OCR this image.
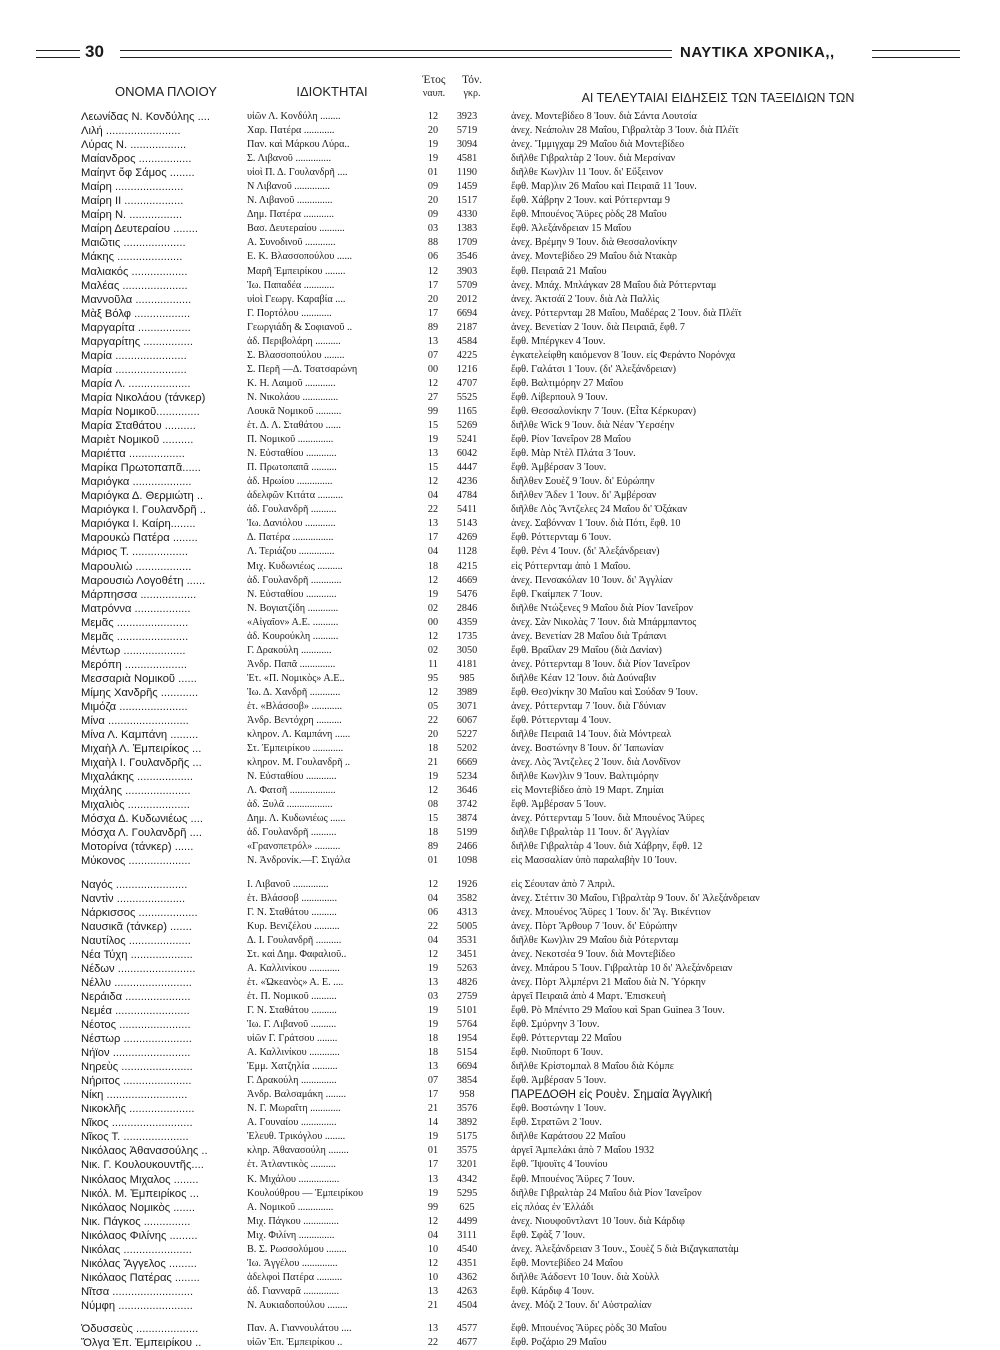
30	ΝΑΥΤΙΚΑ ΧΡΟΝΙΚΑ,,
ΟΝΟΜΑ ΠΛΟΙΟΥ	ΙΔΙΟΚΤΗΤΑΙ
Έτος
ναυπ.
Τόν.
γκρ.	ΑΙ ΤΕΛΕΥΤΑΙΑΙ ΕΙΔΗΣΕΙΣ ΤΩΝ ΤΑΞΕΙΔΙΩΝ ΤΩΝ
Λεωνίδας Ν. Κονδύλης ....	υἱῶν Λ. Κονδύλη ........	12	3923	ἀνεχ. Μοντεβίδεο 8 Ἰουν. διὰ Σάντα Λουτσία
Λιλή ........................	Χαρ. Πατέρα ............	20	5719	ἀνεχ. Νεάπολιν 28 Μαΐου, Γιβραλτὰρ 3 Ἰουν. διὰ Πλέϊτ
Λύρας Ν. ..................	Παν. καὶ Μάρκου Λύρα..	19	3094	ἀνεχ. Ἴμμιγχαμ 29 Μαΐου διὰ Μοντεβίδεο
Μαίανδρος .................	Σ. Λιβανοῦ ..............	19	4581	διῆλθε Γιβραλτὰρ 2 Ἰουν. διὰ Μερσίναν
Μαίηντ ὄφ Σάμος ........	υἱοὶ Π. Δ. Γουλανδρῆ ....	01	1190	διῆλθε Κων)λιν 11 Ἰουν. δι' Εὔξεινον
Μαίρη ......................	Ν Λιβανοῦ ..............	09	1459	ἔφθ. Μαρ)λιν 26 Μαΐου καὶ Πειραιᾶ 11 Ἰουν.
Μαίρη ΙΙ ...................	Ν. Λιβανοῦ ..............	20	1517	ἔφθ. Χάβρην 2 Ἰουν. καὶ Ρόττερνταμ 9
Μαίρη Ν. .................	Δημ. Πατέρα ............	09	4330	ἔφθ. Μπουένος Ἄϋρες ρὸδς 28 Μαΐου
Μαίρη Δευτεραίου ........	Βασ. Δευτεραίου ..........	03	1383	ἔφθ. Ἀλεξάνδρειαν 15 Μαΐου
Μαιῶτις ....................	Α. Συνοδινοῦ ............	88	1709	ἀνεχ. Βρέμην 9 Ἰουν. διὰ Θεσσαλονίκην
Μάκης .....................	Ε. Κ. Βλασσοπούλου ......	06	3546	ἀνεχ. Μοντεβίδεο 29 Μαΐου διὰ Ντακὰρ
Μαλιακός ..................	Μαρῆ Ἐμπειρίκου ........	12	3903	ἔφθ. Πειραιᾶ 21 Μαΐου
Μαλέας .....................	Ἰω. Παπαδέα ............	17	5709	ἀνεχ. Μπάχ. Μπλάγκαν 28 Μαΐου διὰ Ρόττερνταμ
Μαννοῦλα ..................	υἱοὶ Γεωργ. Καραβία ....	20	2012	ἀνεχ. Ἀκτσάϊ 2 Ἰουν. διὰ Λὰ Παλλὶς
Μὰξ Βόλφ ..................	Γ. Πορτόλου ............	17	6694	ἀνεχ. Ρόττερνταμ 28 Μαΐου, Μαδέρας 2 Ἰουν. διὰ Πλέϊτ
Μαργαρίτα .................	Γεωργιάδη & Σοφιανοῦ ..	89	2187	ἀνεχ. Βενετίαν 2 Ἰουν. διὰ Πειραιᾶ, ἔφθ. 7
Μαργαρίτης ................	ἀδ. Περιβολάρη ..........	13	4584	ἔφθ. Μπέργκεν 4 Ἰουν.
Μαρία .......................	Σ. Βλασσοπούλου ........	07	4225	ἐγκατελείφθη καιόμενον 8 Ἰουν. εἰς Φεράντο Νορόνχα
Μαρία .......................	Σ. Περῆ —Δ. Τσατσαρώνη	00	1216	ἔφθ. Γαλάτσι 1 Ἰουν. (δι' Ἀλεξάνδρειαν)
Μαρία Λ. ....................	Κ. Η. Λαιμοῦ ............	12	4707	ἔφθ. Βαλτιμόρην 27 Μαΐου
Μαρία Νικολάου (τάνκερ)	Ν. Νικολάου ..............	27	5525	ἔφθ. Λίβερπουλ 9 Ἰουν.
Μαρία Νομικοῦ..............	Λουκᾶ Νομικοῦ ..........	99	1165	ἔφθ. Θεσσαλονίκην 7 Ἰουν. (Εἶτα Κέρκυραν)
Μαρία Σταθάτου ..........	ἑτ. Δ. Λ. Σταθάτου ......	15	5269	διῆλθε Wick 9 Ἰουν. διὰ Νέαν Ὑερσέην
Μαριὲτ Νομικοῦ ..........	Π. Νομικοῦ ..............	19	5241	ἔφθ. Ρίον Ἰανεΐρον 28 Μαΐου
Μαριέττα ..................	Ν. Εὐσταθίου ............	13	6042	ἔφθ. Μὰρ Ντὲλ Πλάτα 3 Ἰουν.
Μαρίκα Πρωτοπαπᾶ......	Π. Πρωτοπαπᾶ ..........	15	4447	ἔφθ. Ἀμβέρσαν 3 Ἰουν.
Μαριόγκα ...................	ἀδ. Ηρωίου ..............	12	4236	διῆλθεν Σουὲζ 9 Ἰουν. δι' Εὐρώπην
Μαριόγκα Δ. Θερμιώτη ..	ἀδελφῶν Κιτάτα ..........	04	4784	διῆλθεν Ἄδεν 1 Ἰουν. δι' Ἀμβέρσαν
Μαριόγκα Ι. Γουλανδρῆ ..	ἀδ. Γουλανδρῆ ..........	22	5411	διῆλθε Λὸς Ἄντζελες 24 Μαΐου δι' Ὀξάκαν
Μαριόγκα Ι. Καίρη........	Ἰω. Δανιόλου ............	13	5143	ἀνεχ. Σαβόνναν 1 Ἰουν. διὰ Πότι, ἔφθ. 10
Μαρουκὼ Πατέρα ........	Δ. Πατέρα ................	17	4269	ἔφθ. Ρόττερνταμ 6 Ἰουν.
Μάριος Τ. ..................	Λ. Τεριάζου ..............	04	1128	ἔφθ. Ρένι 4 Ἰουν. (δι' Ἀλεξάνδρειαν)
Μαρουλιὼ ..................	Μιχ. Κυδωνιέως ..........	18	4215	εἰς Ρόττερνταμ ἀπὸ 1 Μαΐου.
Μαρουσιὼ Λογοθέτη ......	ἀδ. Γουλανδρῆ ............	12	4669	ἀνεχ. Πενσακόλαν 10 Ἰουν. δι' Ἀγγλίαν
Μάρπησσα ..................	Ν. Εὐσταθίου ............	19	5476	ἔφθ. Γκαίμπεκ 7 Ἰουν.
Ματρόννα ..................	Ν. Βογιατζίδη ............	02	2846	διῆλθε Ντώξενες 9 Μαΐου διὰ Ρίον Ἰανεΐρον
Μεμᾶς .......................	«Αἰγαῖον» Α.Ε. ..........	00	4359	ἀνεχ. Σὰν Νικολὰς 7 Ἰουν. διὰ Μπάρμπαντος
Μεμᾶς .......................	ἀδ. Κουρούκλη ..........	12	1735	ἀνεχ. Βενετίαν 28 Μαΐου διὰ Τράπανι
Μέντωρ ....................	Γ. Δρακούλη ............	02	3050	ἔφθ. Βραΐλαν 29 Μαΐου (διὰ Δανίαν)
Μερόπη ....................	Ἀνδρ. Παπᾶ ..............	11	4181	ἀνεχ. Ρόττερνταμ 8 Ἰουν. διὰ Ρίον Ἰανεΐρον
Μεσσαριὰ Νομικοῦ ......	Ἑτ. «Π. Νομικὸς» Α.Ε..	95	985	διῆλθε Κέαν 12 Ἰουν. διὰ Δούναβιν
Μίμης Χανδρῆς ............	Ἰω. Δ. Χανδρῆ ............	12	3989	ἔφθ. Θεσ)νίκην 30 Μαΐου καὶ Σούδαν 9 Ἰουν.
Μιμόζα ......................	ἑτ. «Βλάσσοβ» ............	05	3071	ἀνεχ. Ρόττερνταμ 7 Ἰουν. διὰ Γδύνιαν
Μίνα ..........................	Ἀνδρ. Βεντόχρη ..........	22	6067	ἔφθ. Ρόττερνταμ 4 Ἰουν.
Μίνα Λ. Καμπάνη .........	κληρον. Λ. Καμπάνη ......	20	5227	διῆλθε Πειραιᾶ 14 Ἰουν. διὰ Μόντρεαλ
Μιχαὴλ Λ. Ἐμπειρίκος ...	Στ. Ἐμπειρίκου ............	18	5202	ἀνεχ. Βοστώνην 8 Ἰουν. δι' Ἰαπωνίαν
Μιχαὴλ Ι. Γουλανδρῆς ...	κληρον. Μ. Γουλανδρῆ ..	21	6669	ἀνεχ. Λὸς Ἄντζελες 2 Ἰουν. διὰ Λονδῖνον
Μιχαλάκης ..................	Ν. Εὐσταθίου ............	19	5234	διῆλθε Κων)λιν 9 Ἰουν. Βαλτιμόρην
Μιχάλης .....................	Λ. Φατσῆ ..................	12	3646	εἰς Μοντεβίδεο ἀπὸ 19 Μαρτ. Ζημίαι
Μιχαλιὸς ....................	ἀδ. Ξυλᾶ ..................	08	3742	ἔφθ. Ἀμβέρσαν 5 Ἰουν.
Μόσχα Δ. Κυδωνιέως ....	Δημ. Λ. Κυδωνιέως ......	15	3874	ἀνεχ. Ρόττερνταμ 5 Ἰουν. διὰ Μπουένος Ἄϋρες
Μόσχα Λ. Γουλανδρῆ ....	ἀδ. Γουλανδρῆ ..........	18	5199	διῆλθε Γιβραλτὰρ 11 Ἰουν. δι' Ἀγγλίαν
Μοτορίνα (τάνκερ) ......	«Γρανσπετρόλ» ..........	89	2466	διῆλθε Γιβραλτὰρ 4 Ἰουν. διὰ Χάβρην, ἔφθ. 12
Μύκονος ....................	Ν. Ἀνδρονίκ.—Γ. Σιγάλα	01	1098	εἰς Μασσαλίαν ὑπὸ παραλαβὴν 10 Ἰουν.
Ναγός .......................	Ι. Λιβανοῦ ..............	12	1926	εἰς Σέουταν ἀπὸ 7 Ἀπριλ.
Ναντὶν ......................	ἑτ. Βλάσσοβ ..............	04	3582	ἀνεχ. Στέττιν 30 Μαΐου, Γιβραλτὰρ 9 Ἰουν. δι' Ἀλεξάνδρειαν
Νάρκισσος ...................	Γ. Ν. Σταθάτου ..........	06	4313	ἀνεχ. Μπουένος Ἄϋρες 1 Ἰουν. δι' Ἅγ. Βικέντιον
Ναυσικᾶ (τάνκερ) .......	Κυρ. Βενιζέλου ..........	22	5005	ἀνεχ. Πὸρτ Ἄρθουρ 7 Ἰουν. δι' Εὐρώπην
Ναυτίλος ....................	Δ. Ι. Γουλανδρῆ ..........	04	3531	διῆλθε Κων)λιν 29 Μαΐου διὰ Ρότερνταμ
Νέα Τύχη ....................	Στ. καὶ Δημ. Φαφαλιοῦ..	12	3451	ἀνεχ. Νεκοτσέα 9 Ἰουν. διὰ Μοντεβίδεο
Νέδων .........................	Α. Καλλινίκου ............	19	5263	ἀνεχ. Μπάρου 5 Ἰουν. Γιβραλτὰρ 10 δι' Ἀλεξάνδρειαν
Νέλλυ .........................	ἑτ. «Ὠκεανὸς» Α. Ε. ....	13	4826	ἀνεχ. Πὸρτ Ἀλμπέρνι 21 Μαΐου διὰ Ν. Ὑόρκην
Νεράιδα .....................	ἑτ. Π. Νομικοῦ ..........	03	2759	ἀργεῖ Πειραιᾶ ἀπὸ 4 Μαρτ. Ἐπισκευὴ
Νεμέα ........................	Γ. Ν. Σταθάτου ..........	19	5101	ἔφθ. Ρὸ Μπένιτο 29 Μαΐου καὶ Span Guinea 3 Ἰουν.
Νέοτος .......................	Ἰω. Γ. Λιβανοῦ ..........	19	5764	ἔφθ. Σμύρνην 3 Ἰουν.
Νέστωρ ......................	υἱῶν Γ. Γράτσου ........	18	1954	ἔφθ. Ρόττερνταμ 22 Μαΐου
Νήϊον .........................	Α. Καλλινίκου ............	18	5154	ἔφθ. Νιοῦπορτ 6 Ἰουν.
Νηρεὺς .......................	Ἐμμ. Χατζηλία ..........	13	6694	διῆλθε Κρίστομπαλ 8 Μαΐου διὰ Κόμπε
Νήριτος ......................	Γ. Δρακούλη ..............	07	3854	ἔφθ. Ἀμβέρσαν 5 Ἰουν.
Νίκη ..........................	Ἀνδρ. Βαλσαμάκη ........	17	958	ΠΑΡΕΔΟΘΗ εἰς Ρουὲν. Σημαία Ἀγγλική
Νικοκλῆς .....................	Ν. Γ. Μωραΐτη ............	21	3576	ἔφθ. Βοστώνην 1 Ἰουν.
Νῖκος ..........................	Α. Γουναίου ..............	14	3892	ἔφθ. Στρατῶνι 2 Ἰουν.
Νῖκος Τ. .....................	Ἐλευθ. Τρικόγλου ........	19	5175	διῆλθε Καράτσου 22 Μαΐου
Νικόλαος Ἀθανασούλης ..	κληρ. Ἀθανασούλη ........	01	3575	ἀργεῖ Ἀμπελάκι ἀπὸ 7 Μαΐου 1932
Νικ. Γ. Κουλουκουντῆς....	ἑτ. Ἀτλαντικὸς ..........	17	3201	ἔφθ. Ἴψουϊτς 4 Ἰουνίου
Νικόλαος Μιχαλος ........	Κ. Μιχάλου ................	13	4342	ἔφθ. Μπουένος Ἄϋρες 7 Ἰουν.
Νικόλ. Μ. Ἐμπειρίκος ...	Κουλούθρου — Ἐμπειρίκου	19	5295	διῆλθε Γιβραλτὰρ 24 Μαΐου διὰ Ρίον Ἰανεΐρον
Νικόλαος Νομικὸς .......	Α. Νομικοῦ ..............	99	625	εἰς πλόας ἐν Ἑλλάδι
Νικ. Πάγκος ...............	Μιχ. Πάγκου ..............	12	4499	ἀνεχ. Νιουφοῦντλαντ 10 Ἰουν. διὰ Κάρδιφ
Νικόλαος Φιλίνης .........	Μιχ. Φιλίνη ..............	04	3111	ἔφθ. Σφὰξ 7 Ἰουν.
Νικόλας ......................	Β. Σ. Ρωσσολύμου ........	10	4540	ἀνεχ. Ἀλεξάνδρειαν 3 Ἰουν., Σουὲζ 5 διὰ Βιζαγκαπατὰμ
Νικόλας Ἄγγελος .........	Ἰω. Ἀγγέλου ..............	12	4351	ἔφθ. Μοντεβίδεο 24 Μαΐου
Νικόλαος Πατέρας ........	ἀδελφοὶ Πατέρα ..........	10	4362	διῆλθε Ἀάδσεντ 10 Ἰουν. διὰ Χοὺλλ
Νῖτσα ..........................	ἀδ. Γιανναρᾶ ..............	13	4263	ἔφθ. Κάρδιφ 4 Ἰουν.
Νύμφη ........................	Ν. Αυκιαδοπούλου ........	21	4504	ἀνεχ. Μόζι 2 Ἰουν. δι' Αὐστραλίαν
Ὀδυσσεὺς ....................	Παν. Α. Γιαννουλάτου ....	13	4577	ἔφθ. Μπουένος Ἄϋρες ρὸδς 30 Μαΐου
Ὄλγα Ἐπ. Ἐμπειρίκου ..	υἱῶν Ἐπ. Ἐμπειρίκου ..	22	4677	ἔφθ. Ροζάριο 29 Μαΐου
